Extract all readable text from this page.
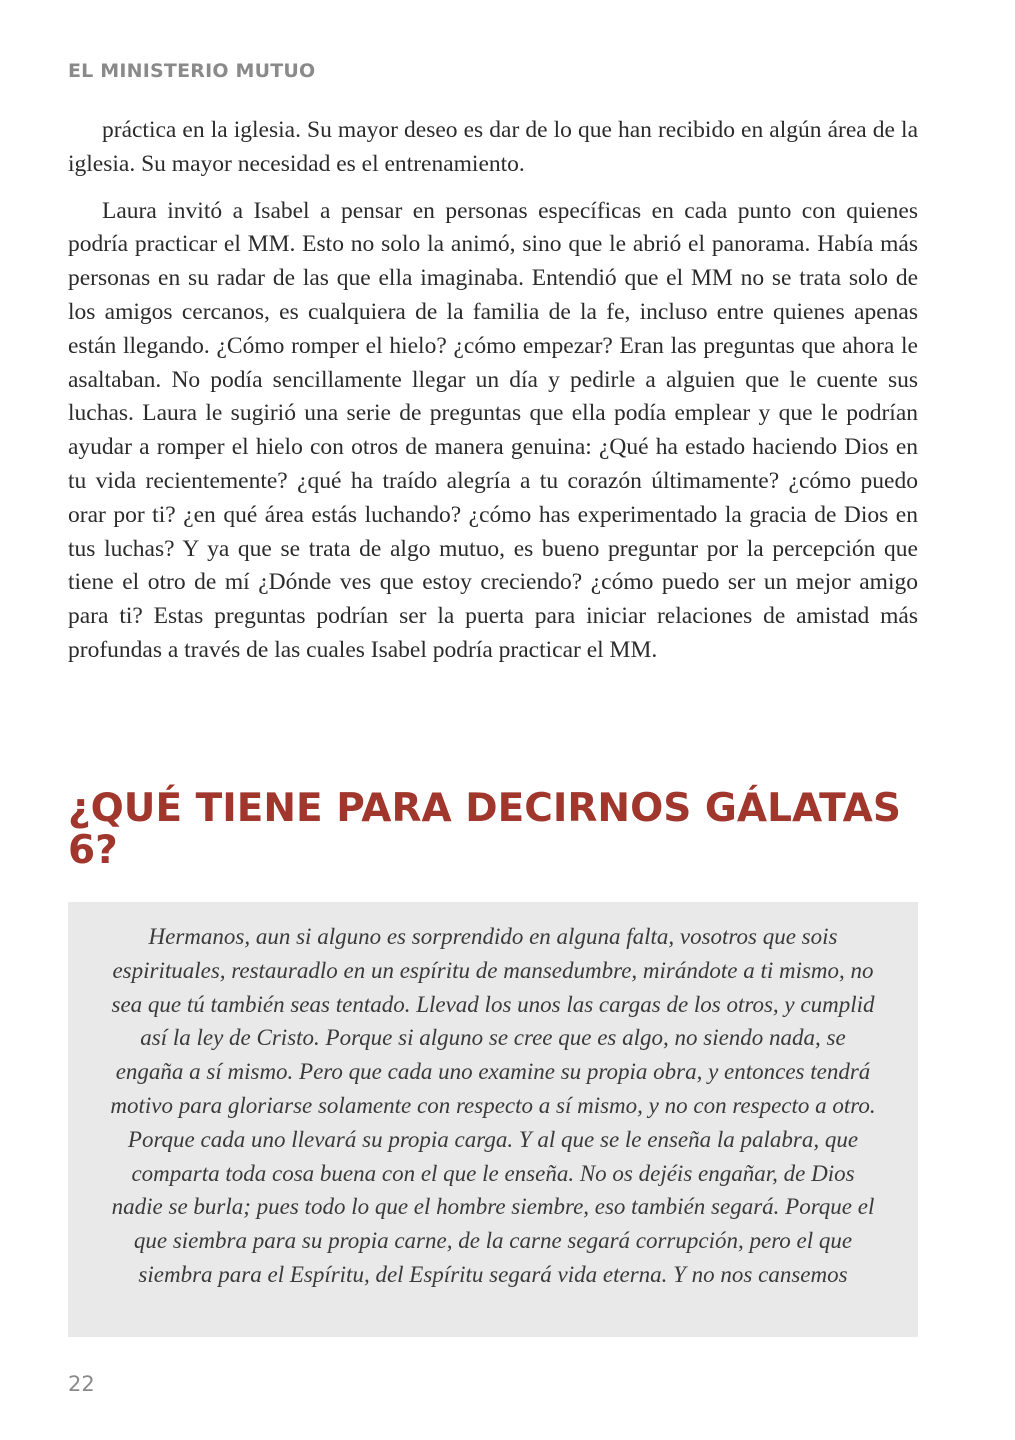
EL MINISTERIO MUTUO

práctica en la iglesia. Su mayor deseo es dar de lo que han recibido en algún área de la iglesia. Su mayor necesidad es el entrenamiento.

Laura invitó a Isabel a pensar en personas específicas en cada punto con quienes podría practicar el MM. Esto no solo la animó, sino que le abrió el panorama. Había más personas en su radar de las que ella imaginaba. Entendió que el MM no se trata solo de los amigos cercanos, es cualquiera de la familia de la fe, incluso entre quienes apenas están llegando. ¿Cómo romper el hielo? ¿cómo empezar? Eran las preguntas que ahora le asaltaban. No podía sencillamente llegar un día y pedirle a alguien que le cuente sus luchas. Laura le sugirió una serie de preguntas que ella podía emplear y que le podrían ayudar a romper el hielo con otros de manera genuina: ¿Qué ha estado haciendo Dios en tu vida recientemente? ¿qué ha traído alegría a tu corazón últimamente? ¿cómo puedo orar por ti? ¿en qué área estás luchando? ¿cómo has experimentado la gracia de Dios en tus luchas? Y ya que se trata de algo mutuo, es bueno preguntar por la percepción que tiene el otro de mí ¿Dónde ves que estoy creciendo? ¿cómo puedo ser un mejor amigo para ti? Estas preguntas podrían ser la puerta para iniciar relaciones de amistad más profundas a través de las cuales Isabel podría practicar el MM.

¿QUÉ TIENE PARA DECIRNOS GÁLATAS 6?

Hermanos, aun si alguno es sorprendido en alguna falta, vosotros que sois espirituales, restauradlo en un espíritu de mansedumbre, mirándote a ti mismo, no sea que tú también seas tentado. Llevad los unos las cargas de los otros, y cumplid así la ley de Cristo. Porque si alguno se cree que es algo, no siendo nada, se engaña a sí mismo. Pero que cada uno examine su propia obra, y entonces tendrá motivo para gloriarse solamente con respecto a sí mismo, y no con respecto a otro. Porque cada uno llevará su propia carga. Y al que se le enseña la palabra, que comparta toda cosa buena con el que le enseña. No os dejéis engañar, de Dios nadie se burla; pues todo lo que el hombre siembre, eso también segará. Porque el que siembra para su propia carne, de la carne segará corrupción, pero el que siembra para el Espíritu, del Espíritu segará vida eterna. Y no nos cansemos

22
